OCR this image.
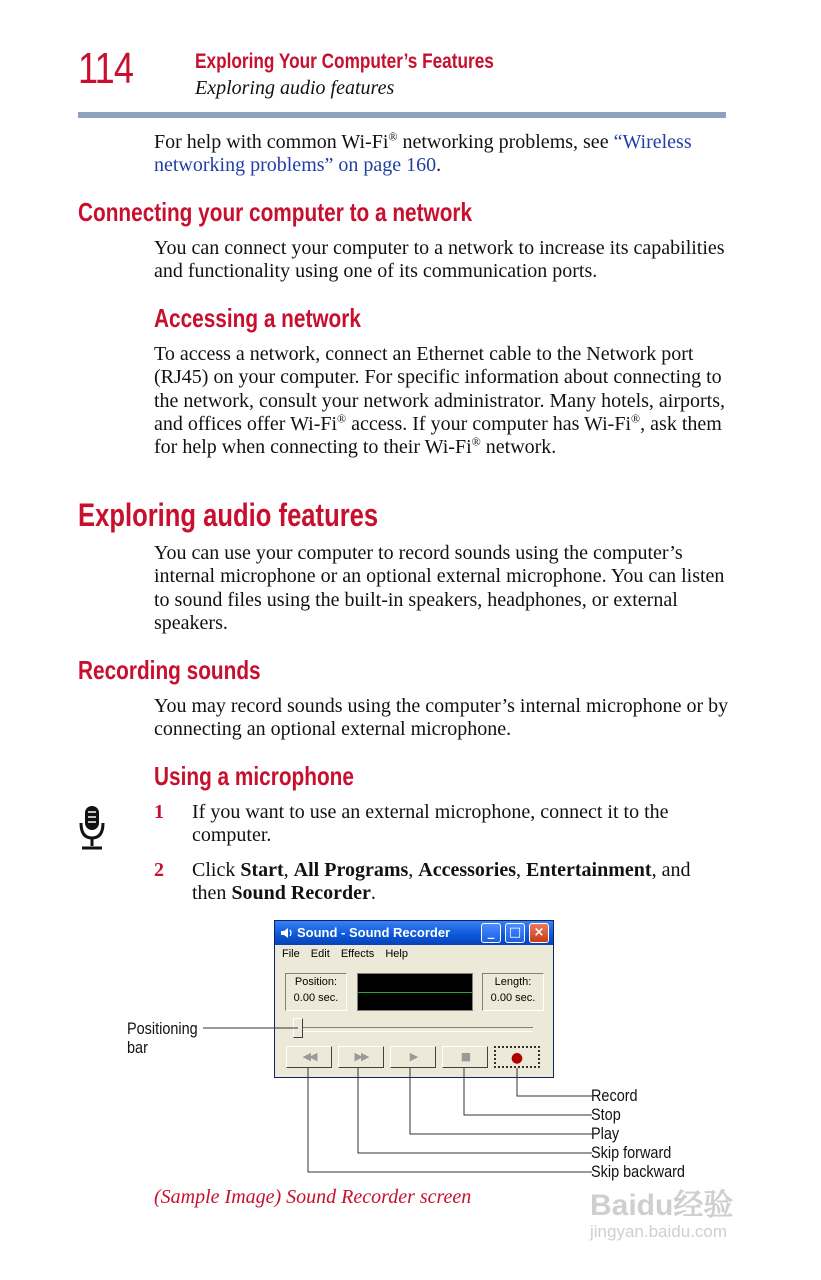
114	Exploring Your Computer’s Features
Exploring audio features
For help with common Wi-Fi® networking problems, see “Wireless networking problems” on page 160.
Connecting your computer to a network
You can connect your computer to a network to increase its capabilities and functionality using one of its communication ports.
Accessing a network
To access a network, connect an Ethernet cable to the Network port (RJ45) on your computer. For specific information about connecting to the network, consult your network administrator. Many hotels, airports, and offices offer Wi-Fi® access. If your computer has Wi-Fi®, ask them for help when connecting to their Wi-Fi® network.
Exploring audio features
You can use your computer to record sounds using the computer’s internal microphone or an optional external microphone. You can listen to sound files using the built-in speakers, headphones, or external speakers.
Recording sounds
You may record sounds using the computer’s internal microphone or by connecting an optional external microphone.
Using a microphone
1 If you want to use an external microphone, connect it to the computer.
2 Click Start, All Programs, Accessories, Entertainment, and then Sound Recorder.
Sound - Sound Recorder	_	□ ×
File Edit Effects Help
Position:
0.00 sec.
Length:
0.00 sec.
◀◀	▶▶	▶	■	●
Positioning
bar
Record
Stop
Play
Skip forward
Skip backward
(Sample Image) Sound Recorder screen	Baidu经验
jingyan.baidu.com
